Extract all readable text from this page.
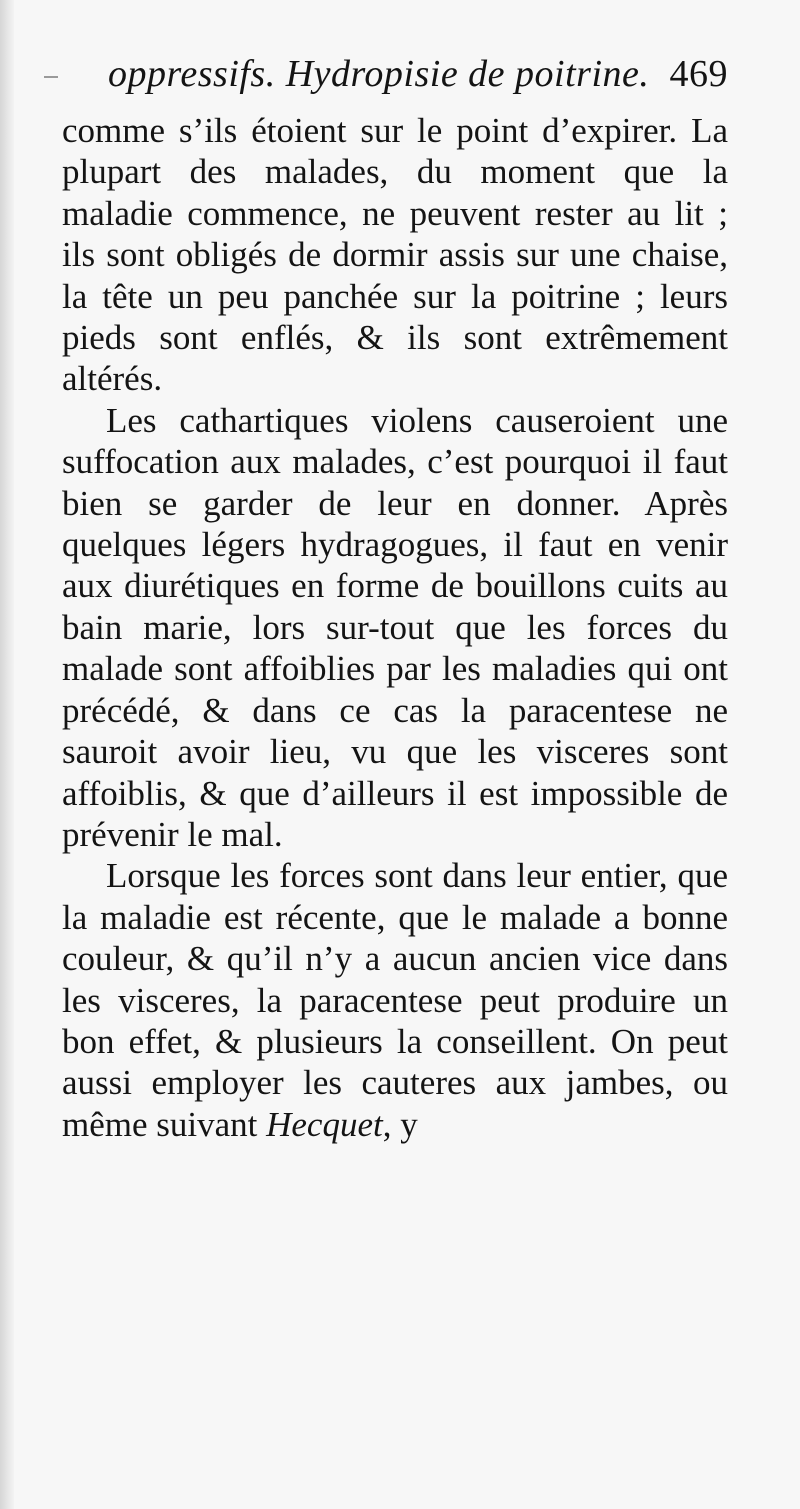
oppressifs. Hydropisie de poitrine. 469

comme s’ils étoient sur le point d’expirer. La plupart des malades, du moment que la maladie commence, ne peuvent rester au lit ; ils sont obligés de dormir assis sur une chaise, la tête un peu panchée sur la poitrine ; leurs pieds sont enflés, & ils sont extrêmement altérés.

Les cathartiques violens causeroient une suffocation aux malades, c’est pourquoi il faut bien se garder de leur en donner. Après quelques légers hydragogues, il faut en venir aux diurétiques en forme de bouillons cuits au bain marie, lors sur-tout que les forces du malade sont affoiblies par les maladies qui ont précédé, & dans ce cas la paracentese ne sauroit avoir lieu, vu que les visceres sont affoiblis, & que d’ailleurs il est impossible de prévenir le mal.

Lorsque les forces sont dans leur entier, que la maladie est récente, que le malade a bonne couleur, & qu’il n’y a aucun ancien vice dans les visceres, la paracentese peut produire un bon effet, & plusieurs la conseillent. On peut aussi employer les cauteres aux jambes, ou même suivant Hecquet, y
